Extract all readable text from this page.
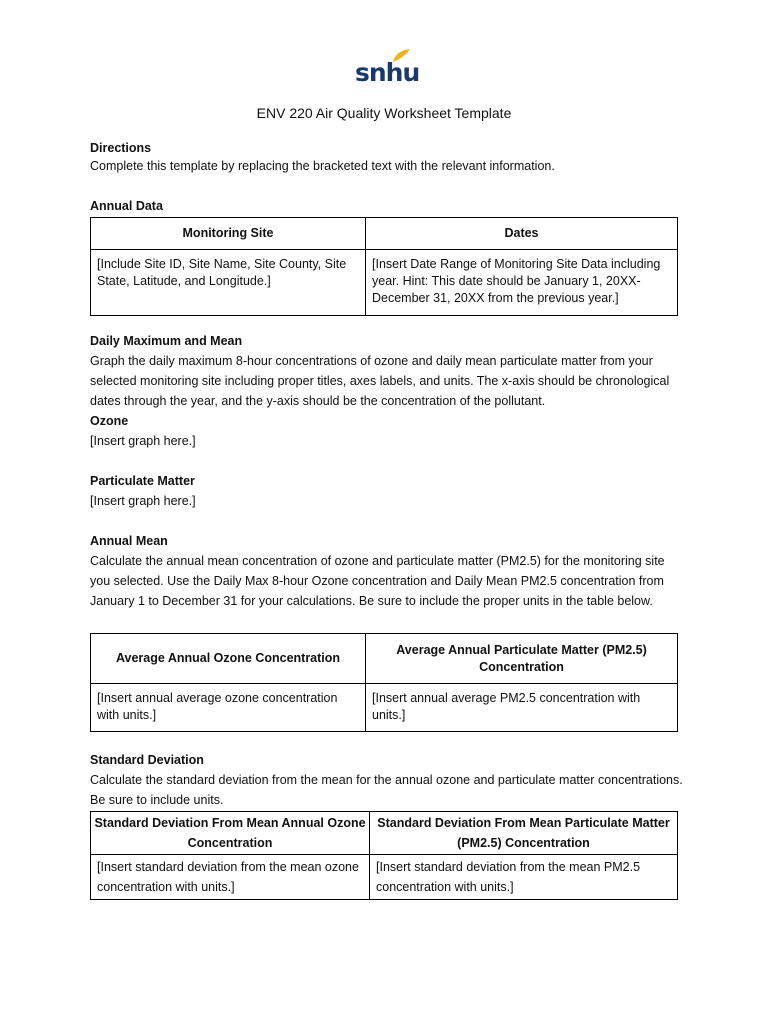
snhu
ENV 220 Air Quality Worksheet Template
Directions
Complete this template by replacing the bracketed text with the relevant information.
Annual Data
Monitoring Site	Dates
[Include Site ID, Site Name, Site County, Site State, Latitude, and Longitude.]	[Insert Date Range of Monitoring Site Data including year. Hint: This date should be January 1, 20XX-December 31, 20XX from the previous year.]
Daily Maximum and Mean
Graph the daily maximum 8-hour concentrations of ozone and daily mean particulate matter from your selected monitoring site including proper titles, axes labels, and units. The x-axis should be chronological dates through the year, and the y-axis should be the concentration of the pollutant.
Ozone
[Insert graph here.]
Particulate Matter
[Insert graph here.]
Annual Mean
Calculate the annual mean concentration of ozone and particulate matter (PM2.5) for the monitoring site you selected. Use the Daily Max 8-hour Ozone concentration and Daily Mean PM2.5 concentration from January 1 to December 31 for your calculations. Be sure to include the proper units in the table below.
Average Annual Ozone Concentration	Average Annual Particulate Matter (PM2.5) Concentration
[Insert annual average ozone concentration with units.]	[Insert annual average PM2.5 concentration with units.]
Standard Deviation
Calculate the standard deviation from the mean for the annual ozone and particulate matter concentrations. Be sure to include units.
Standard Deviation From Mean Annual Ozone Concentration	Standard Deviation From Mean Particulate Matter (PM2.5) Concentration
[Insert standard deviation from the mean ozone concentration with units.]	[Insert standard deviation from the mean PM2.5 concentration with units.]
